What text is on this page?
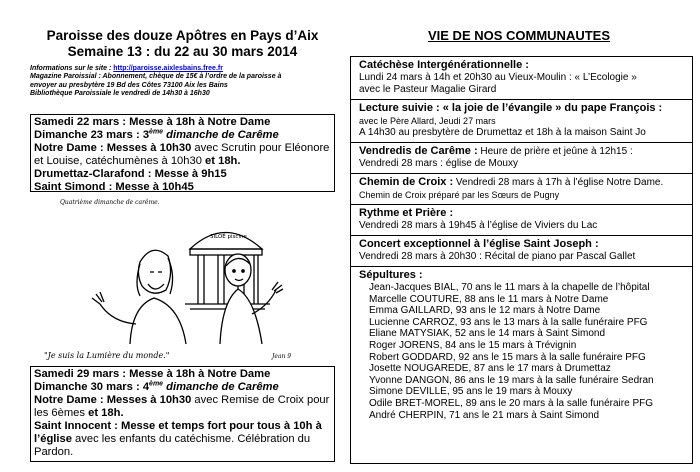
Paroisse des douze Apôtres en Pays d’Aix
Semaine 13 : du 22 au 30 mars 2014
Informations sur le site : http://paroisse.aixlesbains.free.fr
Magazine Paroissial : Abonnement, chèque de 15€ à l’ordre de la paroisse à
envoyer au presbytère 19 Bd des Côtes 73100 Aix les Bains
Bibliothèque Paroissiale le vendredi de 14h30 à 16h30
Samedi 22 mars : Messe à 18h à Notre Dame
Dimanche 23 mars : 3ème dimanche de Carême
Notre Dame : Messes à 10h30 avec Scrutin pour Eléonore et Louise, catéchumènes à 10h30 et 18h.
Drumettaz-Clarafond : Messe à 9h15
Saint Simond : Messe à 10h45
Quatrième dimanche de carême.
SILOÉ piscine
"Je suis la Lumière du monde."	Jean 9
Samedi 29 mars : Messe à 18h à Notre Dame
Dimanche 30 mars : 4ème dimanche de Carême
Notre Dame : Messes à 10h30 avec Remise de Croix pour les 6èmes et 18h.
Saint Innocent : Messe et temps fort pour tous à 10h à l’église avec les enfants du catéchisme. Célébration du Pardon.
VIE DE NOS COMMUNAUTES
Catéchèse Intergénérationnelle :
Lundi 24 mars à 14h et 20h30 au Vieux-Moulin : « L’Ecologie »
avec le Pasteur Magalie Girard
Lecture suivie : « la joie de l’évangile » du pape François :
avec le Père Allard, Jeudi 27 mars
A 14h30 au presbytère de Drumettaz et 18h à la maison Saint Jo
Vendredis de Carême : Heure de prière et jeûne à 12h15 :
Vendredi 28 mars : église de Mouxy
Chemin de Croix : Vendredi 28 mars à 17h à l’église Notre Dame.
Chemin de Croix préparé par les Sœurs de Pugny
Rythme et Prière :
Vendredi 28 mars à 19h45 à l’église de Viviers du Lac
Concert exceptionnel à l’église Saint Joseph :
Vendredi 28 mars à 20h30 : Récital de piano par Pascal Gallet
Sépultures :
Jean-Jacques BIAL, 70 ans le 11 mars à la chapelle de l’hôpital
Marcelle COUTURE, 88 ans le 11 mars à Notre Dame
Emma GAILLARD, 93 ans le 12 mars à Notre Dame
Lucienne CARROZ, 93 ans le 13 mars à la salle funéraire PFG
Eliane MATYSIAK, 52 ans le 14 mars à Saint Simond
Roger JORENS, 84 ans le 15 mars à Trévignin
Robert GODDARD, 92 ans le 15 mars à la salle funéraire PFG
Josette NOUGAREDE, 87 ans le 17 mars à Drumettaz
Yvonne DANGON, 86 ans le 19 mars à la salle funéraire Sedran
Simone DEVILLE, 95 ans le 19 mars à Mouxy
Odile BRET-MOREL, 89 ans le 20 mars à la salle funéraire PFG
André CHERPIN, 71 ans le 21 mars à Saint Simond
